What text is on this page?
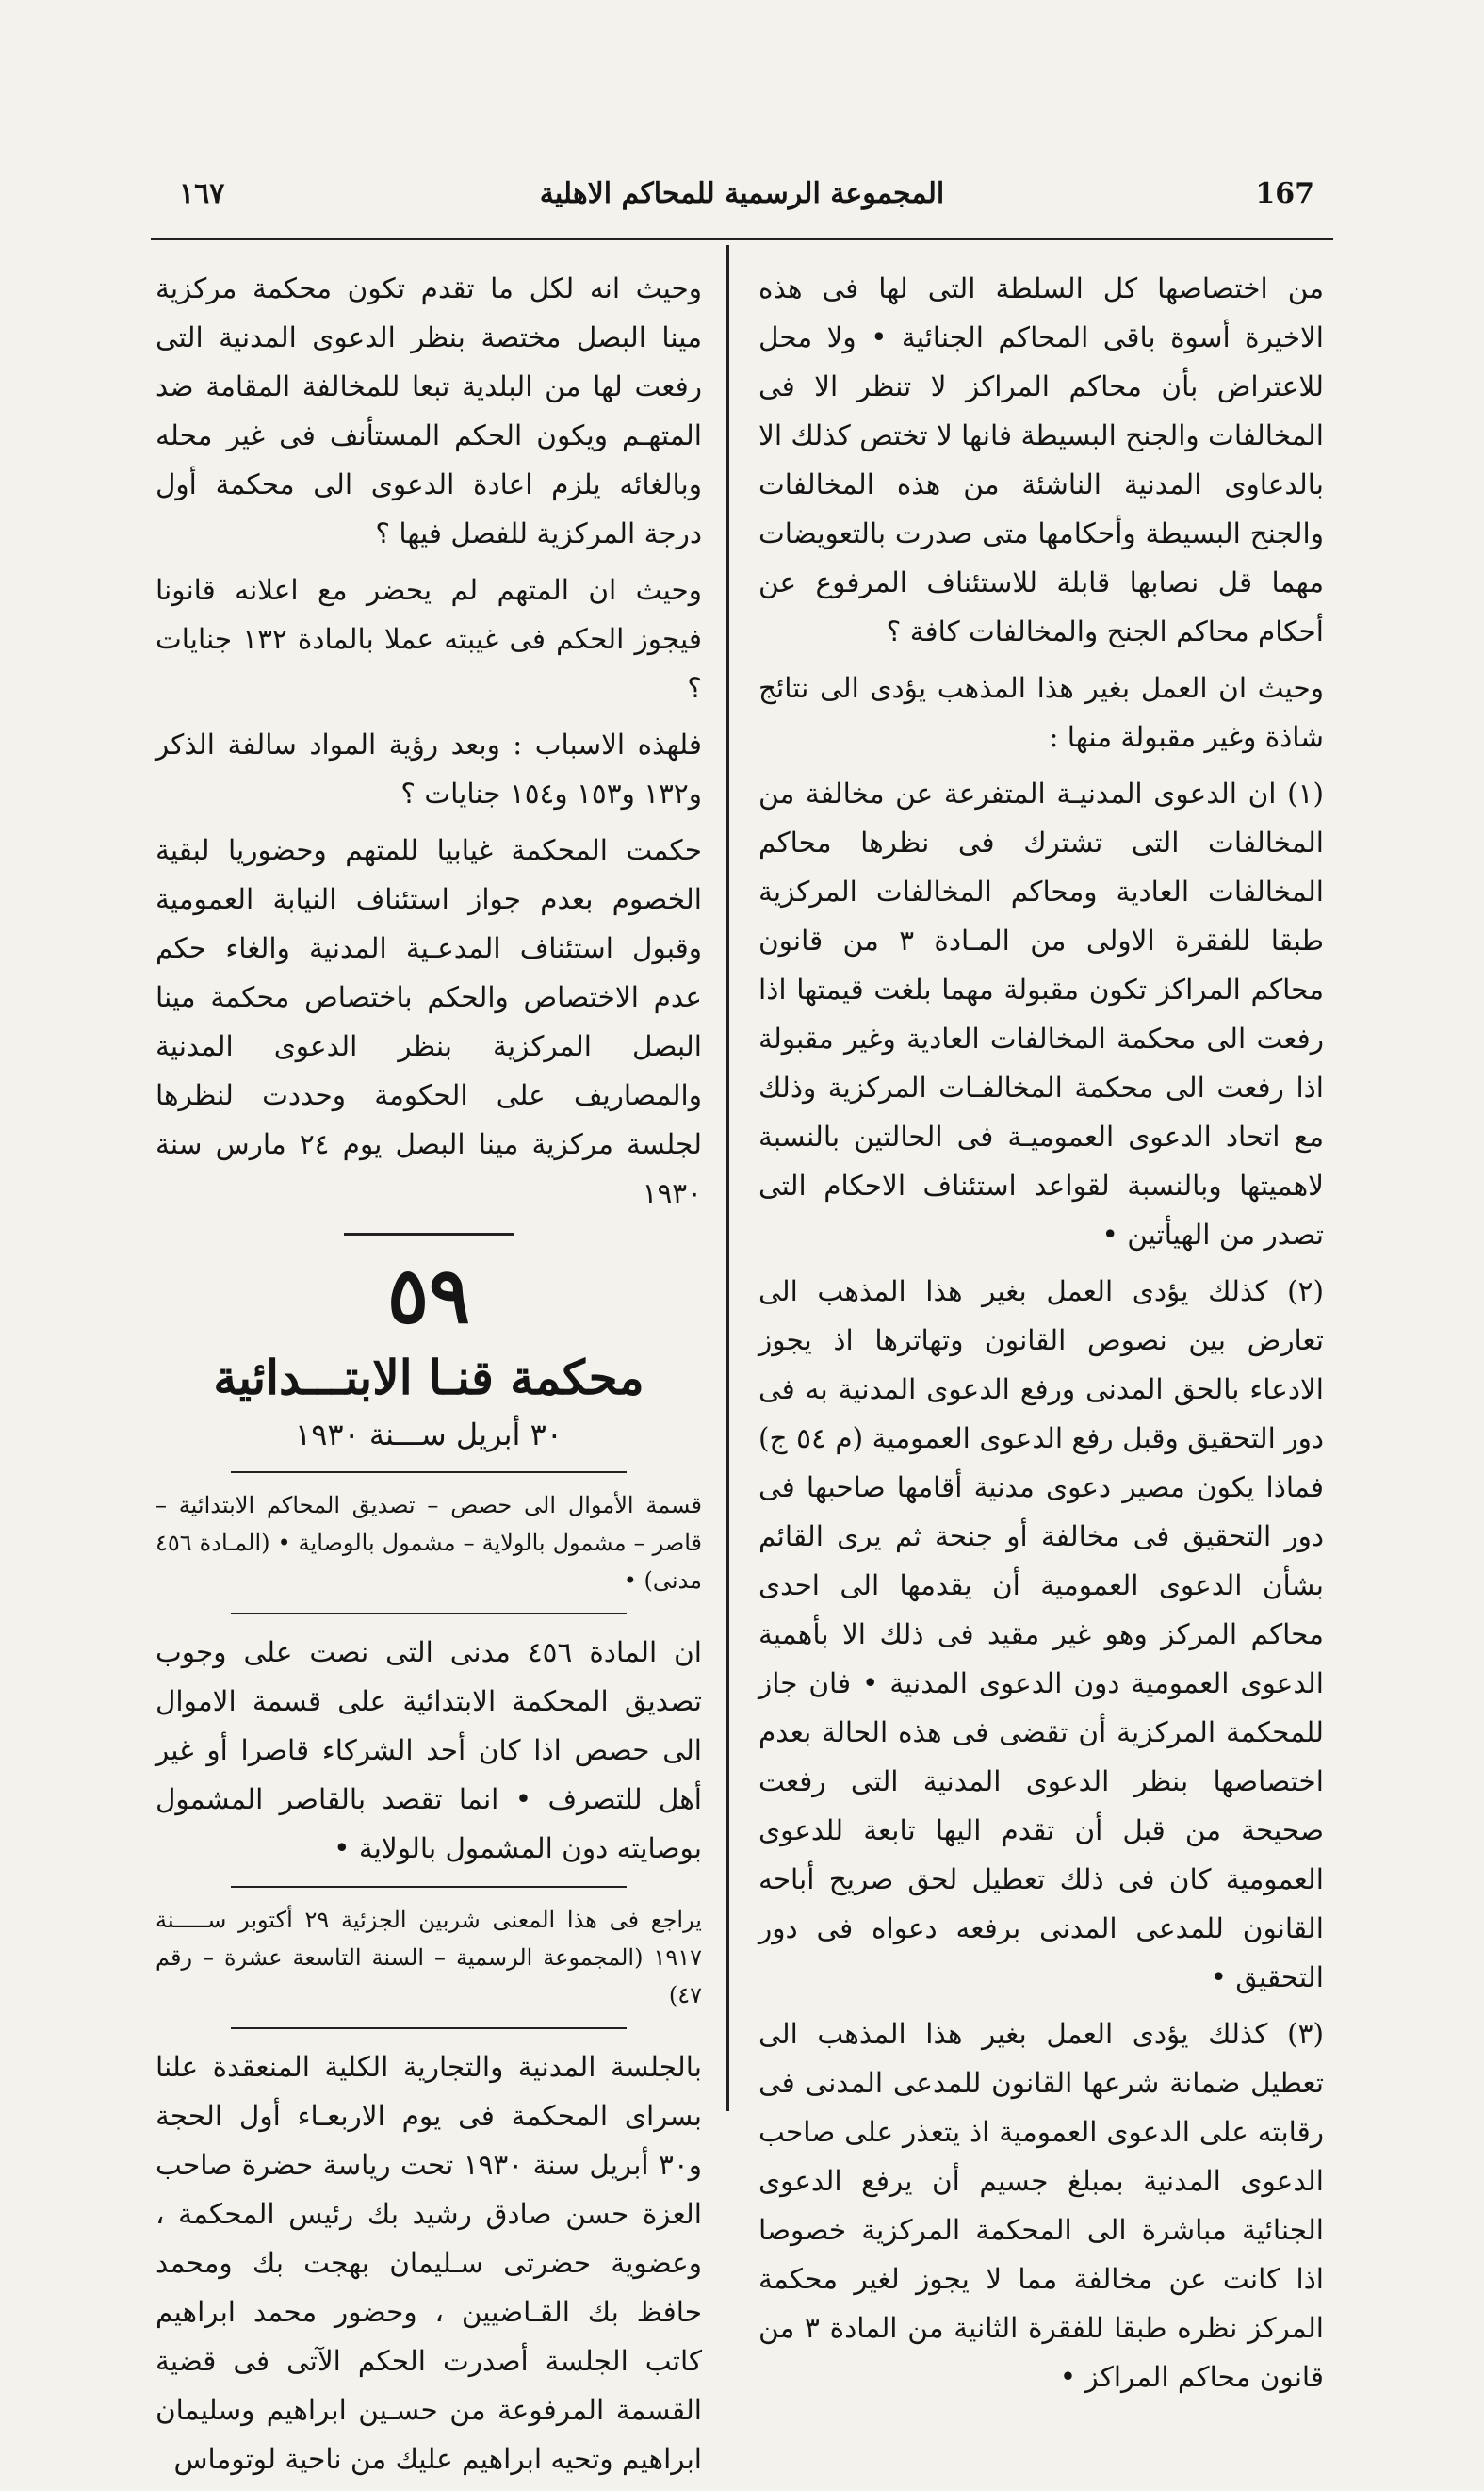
١٦٧	المجموعة الرسمية للمحاكم الاهلية	167

من اختصاصها كل السلطة التى لها فى هذه الاخيرة أسوة باقى المحاكم الجنائية • ولا محل للاعتراض بأن محاكم المراكز لا تنظر الا فى المخالفات والجنح البسيطة فانها لا تختص كذلك الا بالدعاوى المدنية الناشئة من هذه المخالفات والجنح البسيطة وأحكامها متى صدرت بالتعويضات مهما قل نصابها قابلة للاستئناف المرفوع عن أحكام محاكم الجنح والمخالفات كافة ؟

وحيث ان العمل بغير هذا المذهب يؤدى الى نتائج شاذة وغير مقبولة منها :

(١) ان الدعوى المدنيـة المتفرعة عن مخالفة من المخالفات التى تشترك فى نظرها محاكم المخالفات العادية ومحاكم المخالفات المركزية طبقا للفقرة الاولى من المـادة ٣ من قانون محاكم المراكز تكون مقبولة مهما بلغت قيمتها اذا رفعت الى محكمة المخالفات العادية وغير مقبولة اذا رفعت الى محكمة المخالفـات المركزية وذلك مع اتحاد الدعوى العموميـة فى الحالتين بالنسبة لاهميتها وبالنسبة لقواعد استئناف الاحكام التى تصدر من الهيأتين •

(٢) كذلك يؤدى العمل بغير هذا المذهب الى تعارض بين نصوص القانون وتهاترها اذ يجوز الادعاء بالحق المدنى ورفع الدعوى المدنية به فى دور التحقيق وقبل رفع الدعوى العمومية (م ٥٤ ج) فماذا يكون مصير دعوى مدنية أقامها صاحبها فى دور التحقيق فى مخالفة أو جنحة ثم يرى القائم بشأن الدعوى العمومية أن يقدمها الى احدى محاكم المركز وهو غير مقيد فى ذلك الا بأهمية الدعوى العمومية دون الدعوى المدنية • فان جاز للمحكمة المركزية أن تقضى فى هذه الحالة بعدم اختصاصها بنظر الدعوى المدنية التى رفعت صحيحة من قبل أن تقدم اليها تابعة للدعوى العمومية كان فى ذلك تعطيل لحق صريح أباحه القانون للمدعى المدنى برفعه دعواه فى دور التحقيق •

(٣) كذلك يؤدى العمل بغير هذا المذهب الى تعطيل ضمانة شرعها القانون للمدعى المدنى فى رقابته على الدعوى العمومية اذ يتعذر على صاحب الدعوى المدنية بمبلغ جسيم أن يرفع الدعوى الجنائية مباشرة الى المحكمة المركزية خصوصا اذا كانت عن مخالفة مما لا يجوز لغير محكمة المركز نظره طبقا للفقرة الثانية من المادة ٣ من قانون محاكم المراكز •

وحيث انه لكل ما تقدم تكون محكمة مركزية مينا البصل مختصة بنظر الدعوى المدنية التى رفعت لها من البلدية تبعا للمخالفة المقامة ضد المتهـم ويكون الحكم المستأنف فى غير محله وبالغائه يلزم اعادة الدعوى الى محكمة أول درجة المركزية للفصل فيها ؟

وحيث ان المتهم لم يحضر مع اعلانه قانونا فيجوز الحكم فى غيبته عملا بالمادة ١٣٢ جنايات ؟

فلهذه الاسباب : وبعد رؤية المواد سالفة الذكر و١٣٢ و١٥٣ و١٥٤ جنايات ؟

حكمت المحكمة غيابيا للمتهم وحضوريا لبقية الخصوم بعدم جواز استئناف النيابة العمومية وقبول استئناف المدعـية المدنية والغاء حكم عدم الاختصاص والحكم باختصاص محكمة مينا البصل المركزية بنظر الدعوى المدنية والمصاريف على الحكومة وحددت لنظرها لجلسة مركزية مينا البصل يوم ٢٤ مارس سنة ١٩٣٠

٥٩
محكمة قنـا الابتـــدائية
٣٠ أبريل ســـنة ١٩٣٠

قسمة الأموال الى حصص – تصديق المحاكم الابتدائية – قاصر – مشمول بالولاية – مشمول بالوصاية • (المـادة ٤٥٦ مدنى) •

ان المادة ٤٥٦ مدنى التى نصت على وجوب تصديق المحكمة الابتدائية على قسمة الاموال الى حصص اذا كان أحد الشركاء قاصرا أو غير أهل للتصرف • انما تقصد بالقاصر المشمول بوصايته دون المشمول بالولاية •

يراجع فى هذا المعنى شربين الجزئية ٢٩ أكتوبر ســـــنة ١٩١٧ (المجموعة الرسمية – السنة التاسعة عشرة – رقم ٤٧)

بالجلسة المدنية والتجارية الكلية المنعقدة علنا بسراى المحكمة فى يوم الاربعـاء أول الحجة و٣٠ أبريل سنة ١٩٣٠ تحت رياسة حضرة صاحب العزة حسن صادق رشيد بك رئيس المحكمة ، وعضوية حضرتى سـليمان بهجت بك ومحمد حافظ بك القـاضيين ، وحضور محمد ابراهيم كاتب الجلسة أصدرت الحكم الآتى فى قضية القسمة المرفوعة من حسـين ابراهيم وسليمان ابراهيم وتحيه ابراهيم عليك من ناحية لوتوماس
